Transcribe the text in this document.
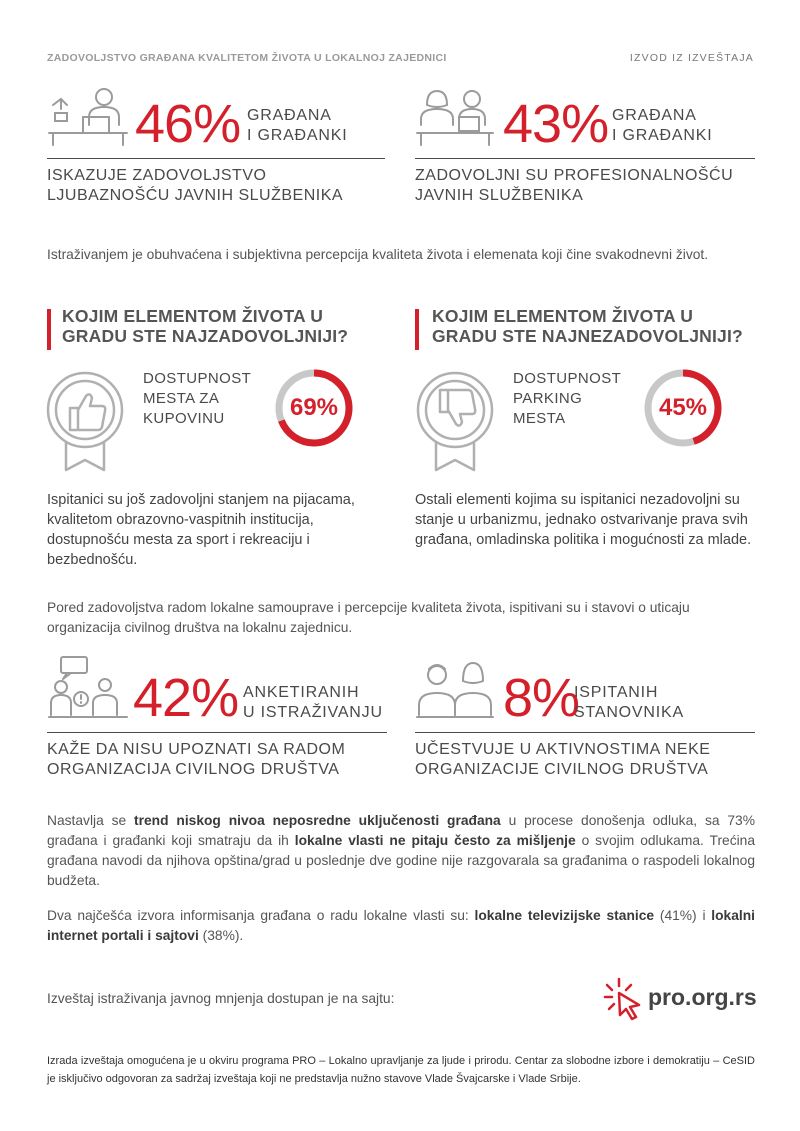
ZADOVOLJSTVO GRAĐANA KVALITETOM ŽIVOTA U LOKALNOJ ZAJEDNICI	IZVOD IZ IZVEŠTAJA
46% GRAĐANA
I GRAĐANKI
ISKAZUJE ZADOVOLJSTVO
LJUBAZNOŠĆU JAVNIH SLUŽBENIKA
43% GRAĐANA
I GRAĐANKI
ZADOVOLJNI SU PROFESIONALNOŠĆU
JAVNIH SLUŽBENIKA
Istraživanjem je obuhvaćena i subjektivna percepcija kvaliteta života i elemenata koji čine svakodnevni život.
KOJIM ELEMENTOM ŽIVOTA U
GRADU STE NAJZADOVOLJNIJI?
DOSTUPNOST
MESTA ZA
KUPOVINU	69%
Ispitanici su još zadovoljni stanjem na pijacama, kvalitetom obrazovno-vaspitnih institucija, dostupnošću mesta za sport i rekreaciju i bezbednošću.
KOJIM ELEMENTOM ŽIVOTA U
GRADU STE NAJNEZADOVOLJNIJI?
DOSTUPNOST
PARKING
MESTA	45%
Ostali elementi kojima su ispitanici nezadovoljni su stanje u urbanizmu, jednako ostvarivanje prava svih građana, omladinska politika i mogućnosti za mlade.
Pored zadovoljstva radom lokalne samouprave i percepcije kvaliteta života, ispitivani su i stavovi o uticaju organizacija civilnog društva na lokalnu zajednicu.
42% ANKETIRANIH
U ISTRAŽIVANJU
KAŽE DA NISU UPOZNATI SA RADOM
ORGANIZACIJA CIVILNOG DRUŠTVA
8%
ISPITANIH
STANOVNIKA
UČESTVUJE U AKTIVNOSTIMA NEKE
ORGANIZACIJE CIVILNOG DRUŠTVA
Nastavlja se trend niskog nivoa neposredne uključenosti građana u procese donošenja odluka, sa 73% građana i građanki koji smatraju da ih lokalne vlasti ne pitaju često za mišljenje o svojim odlukama. Trećina građana navodi da njihova opština/grad u poslednje dve godine nije razgovarala sa građanima o raspodeli lokalnog budžeta.
Dva najčešća izvora informisanja građana o radu lokalne vlasti su: lokalne televizijske stanice (41%) i lokalni internet portali i sajtovi (38%).
Izveštaj istraživanja javnog mnjenja dostupan je na sajtu:	pro.org.rs
Izrada izveštaja omogućena je u okviru programa PRO – Lokalno upravljanje za ljude i prirodu. Centar za slobodne izbore i demokratiju – CeSID je isključivo odgovoran za sadržaj izveštaja koji ne predstavlja nužno stavove Vlade Švajcarske i Vlade Srbije.
